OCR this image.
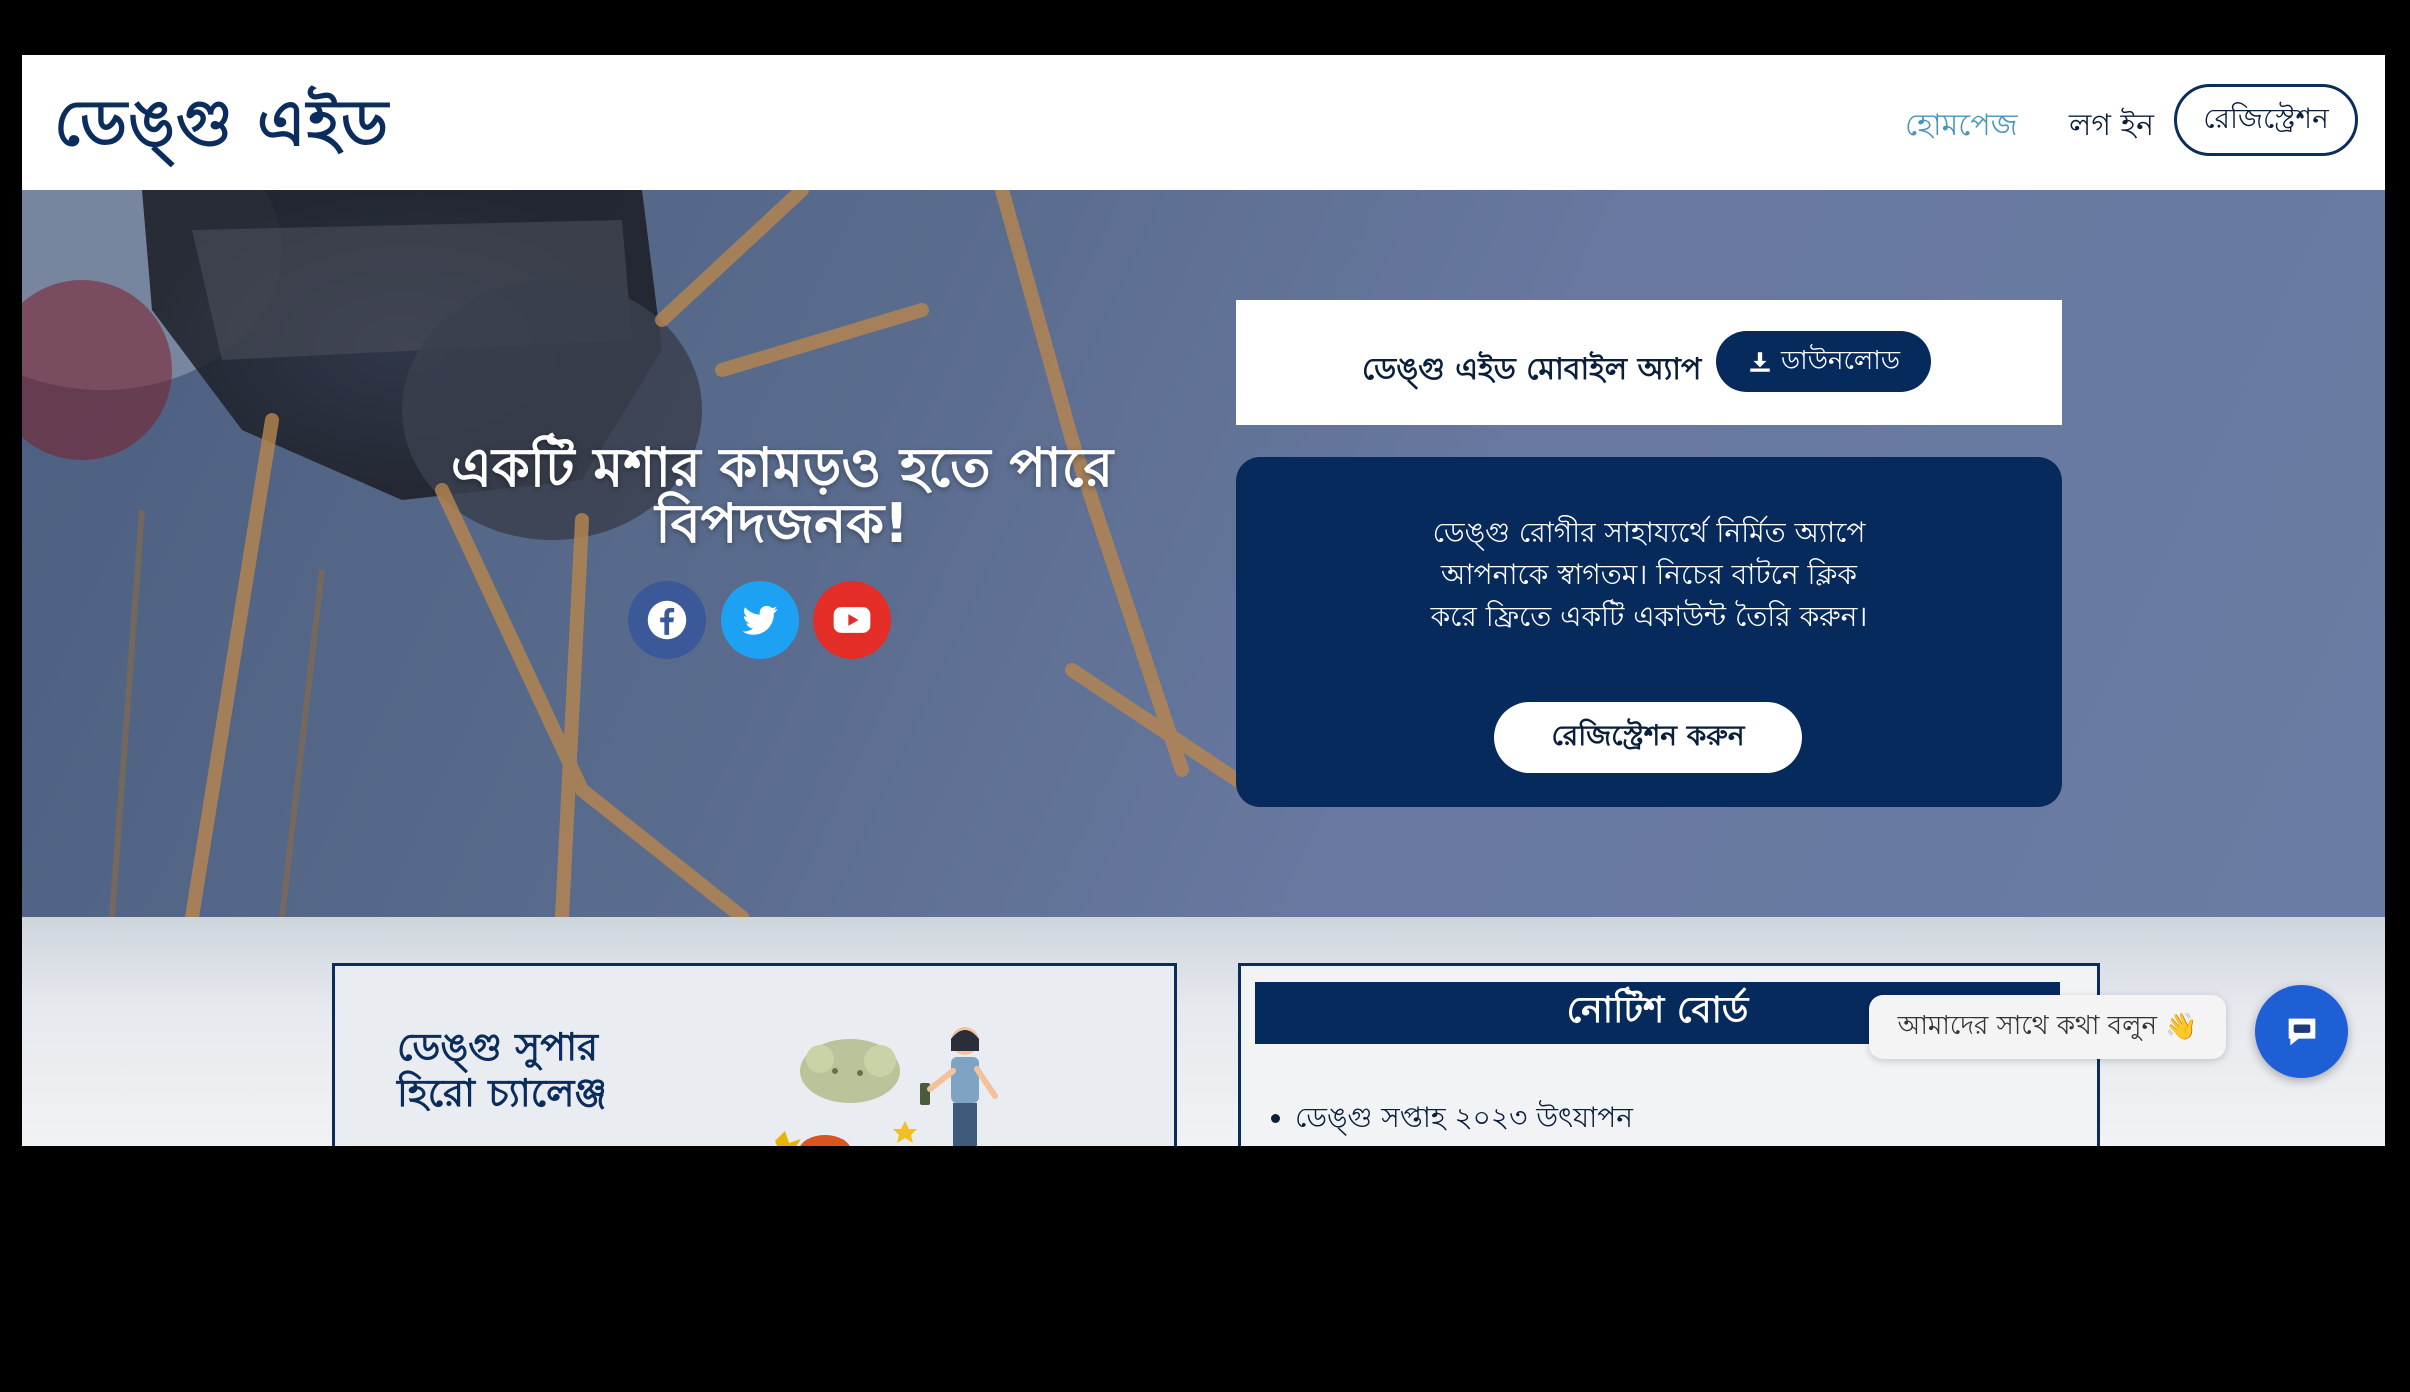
ডেঙ্গু এইড	হোমপেজ লগ ইন	রেজিস্ট্রেশন
একটি মশার কামড়ও হতে পারে
বিপদজনক!
ডেঙ্গু এইড মোবাইল অ্যাপ	ডাউনলোড
ডেঙ্গু রোগীর সাহায্যর্থে নির্মিত অ্যাপে
আপনাকে স্বাগতম। নিচের বাটনে ক্লিক
করে ফ্রিতে একটি একাউন্ট তৈরি করুন।
রেজিস্ট্রেশন করুন
ডেঙ্গু সুপার
হিরো চ্যালেঞ্জ
নোটিশ বোর্ড
• ডেঙ্গু সপ্তাহ ২০২৩ উৎযাপন
আমাদের সাথে কথা বলুন 👋
